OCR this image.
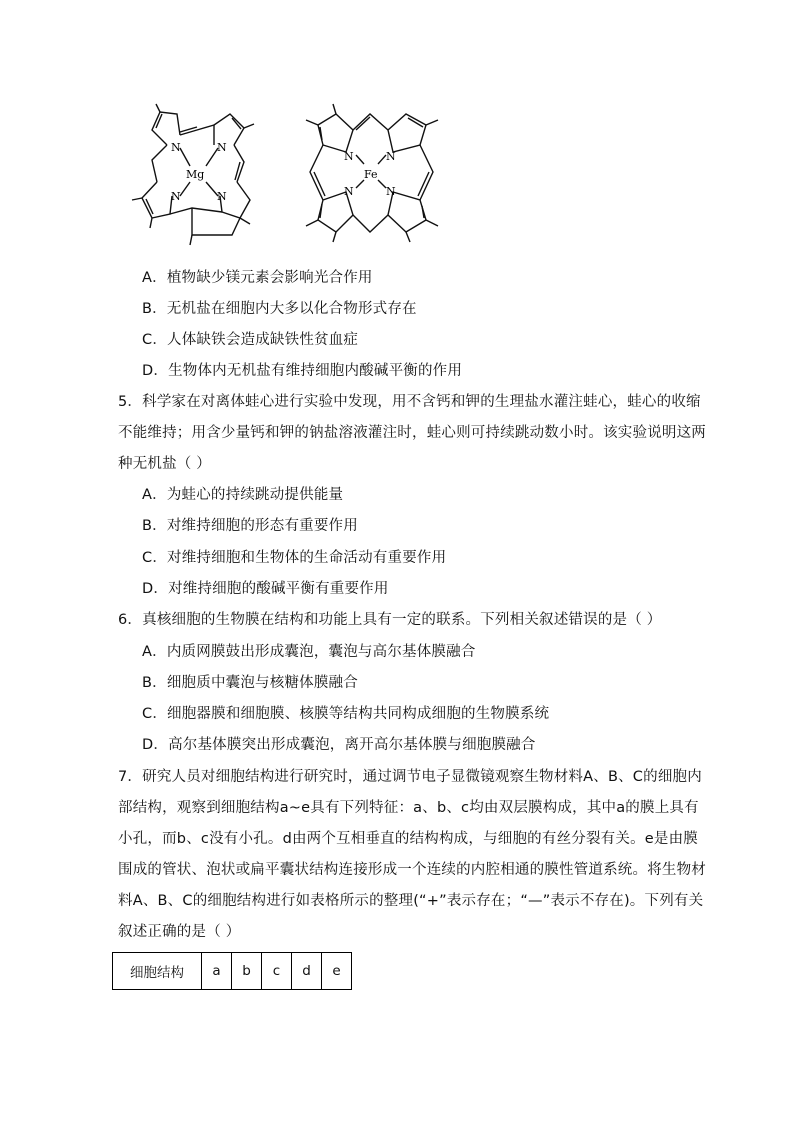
N	N
N	N
Mg
N	N
N	N
Fe
A．植物缺少镁元素会影响光合作用
B．无机盐在细胞内大多以化合物形式存在
C．人体缺铁会造成缺铁性贫血症
D．生物体内无机盐有维持细胞内酸碱平衡的作用
5．科学家在对离体蛙心进行实验中发现，用不含钙和钾的生理盐水灌注蛙心，蛙心的收缩
不能维持；用含少量钙和钾的钠盐溶液灌注时，蛙心则可持续跳动数小时。该实验说明这两
种无机盐（ ）
A．为蛙心的持续跳动提供能量
B．对维持细胞的形态有重要作用
C．对维持细胞和生物体的生命活动有重要作用
D．对维持细胞的酸碱平衡有重要作用
6．真核细胞的生物膜在结构和功能上具有一定的联系。下列相关叙述错误的是（ ）
A．内质网膜鼓出形成囊泡，囊泡与高尔基体膜融合
B．细胞质中囊泡与核糖体膜融合
C．细胞器膜和细胞膜、核膜等结构共同构成细胞的生物膜系统
D．高尔基体膜突出形成囊泡，离开高尔基体膜与细胞膜融合
7．研究人员对细胞结构进行研究时，通过调节电子显微镜观察生物材料A、B、C的细胞内
部结构，观察到细胞结构a~e具有下列特征：a、b、c均由双层膜构成，其中a的膜上具有
小孔，而b、c没有小孔。d由两个互相垂直的结构构成，与细胞的有丝分裂有关。e是由膜
围成的管状、泡状或扁平囊状结构连接形成一个连续的内腔相通的膜性管道系统。将生物材
料A、B、C的细胞结构进行如表格所示的整理(“+”表示存在；“—”表示不存在)。下列有关
叙述正确的是（ ）
细胞结构	a	b	c	d	e
